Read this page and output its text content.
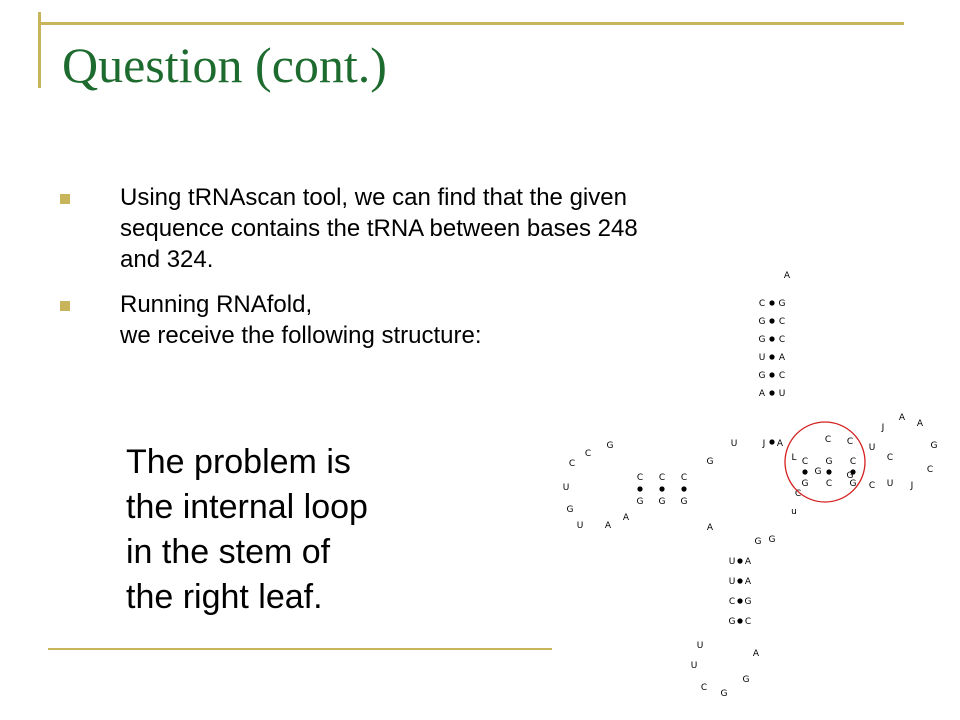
Question (cont.)
Using tRNAscan tool, we can find that the given
sequence contains the tRNA between bases 248
and 324.
Running RNAfold,
we receive the following structure:

The problem is
the internal loop
in the stem of
the right leaf.

A
C G
G C
G C
U A
G C
A U
J A
U
C
G
C
G
C
G
G
C
C
U
G
U A
A
G
A
C
G
G
C
C
G
J
A
A
G
C
J
U
C C
U
C
L
G	G
C
C
u
G G
U A
U A
C G
G C
U
U
C
G
G
A
